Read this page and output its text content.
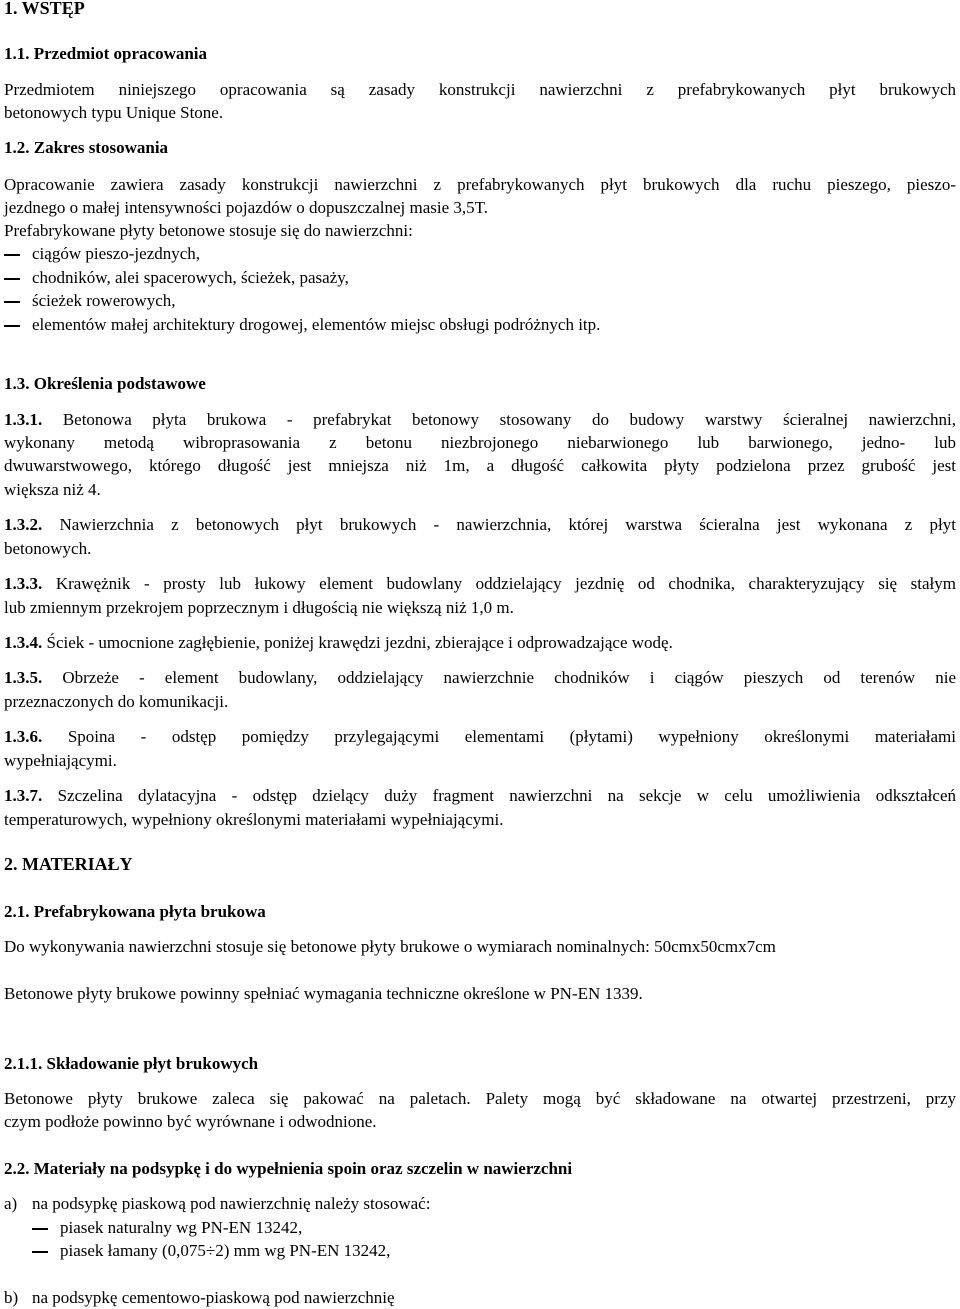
1. WSTĘP
1.1. Przedmiot opracowania
Przedmiotem niniejszego opracowania są zasady konstrukcji nawierzchni z prefabrykowanych płyt brukowych
betonowych typu Unique Stone.
1.2. Zakres stosowania
Opracowanie zawiera zasady konstrukcji nawierzchni z prefabrykowanych płyt brukowych dla ruchu pieszego, pieszo-
jezdnego o małej intensywności pojazdów o dopuszczalnej masie 3,5T.
Prefabrykowane płyty betonowe stosuje się do nawierzchni:
ciągów pieszo-jezdnych,
chodników, alei spacerowych, ścieżek, pasaży,
ścieżek rowerowych,
elementów małej architektury drogowej, elementów miejsc obsługi podróżnych itp.
1.3. Określenia podstawowe
1.3.1. Betonowa płyta brukowa - prefabrykat betonowy stosowany do budowy warstwy ścieralnej nawierzchni,
wykonany metodą wibroprasowania z betonu niezbrojonego niebarwionego lub barwionego, jedno- lub
dwuwarstwowego, którego długość jest mniejsza niż 1m, a długość całkowita płyty podzielona przez grubość jest
większa niż 4.
1.3.2. Nawierzchnia z betonowych płyt brukowych - nawierzchnia, której warstwa ścieralna jest wykonana z płyt
betonowych.
1.3.3. Krawężnik - prosty lub łukowy element budowlany oddzielający jezdnię od chodnika, charakteryzujący się stałym
lub zmiennym przekrojem poprzecznym i długością nie większą niż 1,0 m.
1.3.4. Ściek - umocnione zagłębienie, poniżej krawędzi jezdni, zbierające i odprowadzające wodę.
1.3.5. Obrzeże - element budowlany, oddzielający nawierzchnie chodników i ciągów pieszych od terenów nie
przeznaczonych do komunikacji.
1.3.6. Spoina - odstęp pomiędzy przylegającymi elementami (płytami) wypełniony określonymi materiałami
wypełniającymi.
1.3.7. Szczelina dylatacyjna - odstęp dzielący duży fragment nawierzchni na sekcje w celu umożliwienia odkształceń
temperaturowych, wypełniony określonymi materiałami wypełniającymi.
2. MATERIAŁY
2.1. Prefabrykowana płyta brukowa
Do wykonywania nawierzchni stosuje się betonowe płyty brukowe o wymiarach nominalnych: 50cmx50cmx7cm
Betonowe płyty brukowe powinny spełniać wymagania techniczne określone w PN-EN 1339.
2.1.1. Składowanie płyt brukowych
Betonowe płyty brukowe zaleca się pakować na paletach. Palety mogą być składowane na otwartej przestrzeni, przy
czym podłoże powinno być wyrównane i odwodnione.
2.2. Materiały na podsypkę i do wypełnienia spoin oraz szczelin w nawierzchni
a) na podsypkę piaskową pod nawierzchnię należy stosować:
piasek naturalny wg PN-EN 13242,
piasek łamany (0,075÷2) mm wg PN-EN 13242,
b) na podsypkę cementowo-piaskową pod nawierzchnię
